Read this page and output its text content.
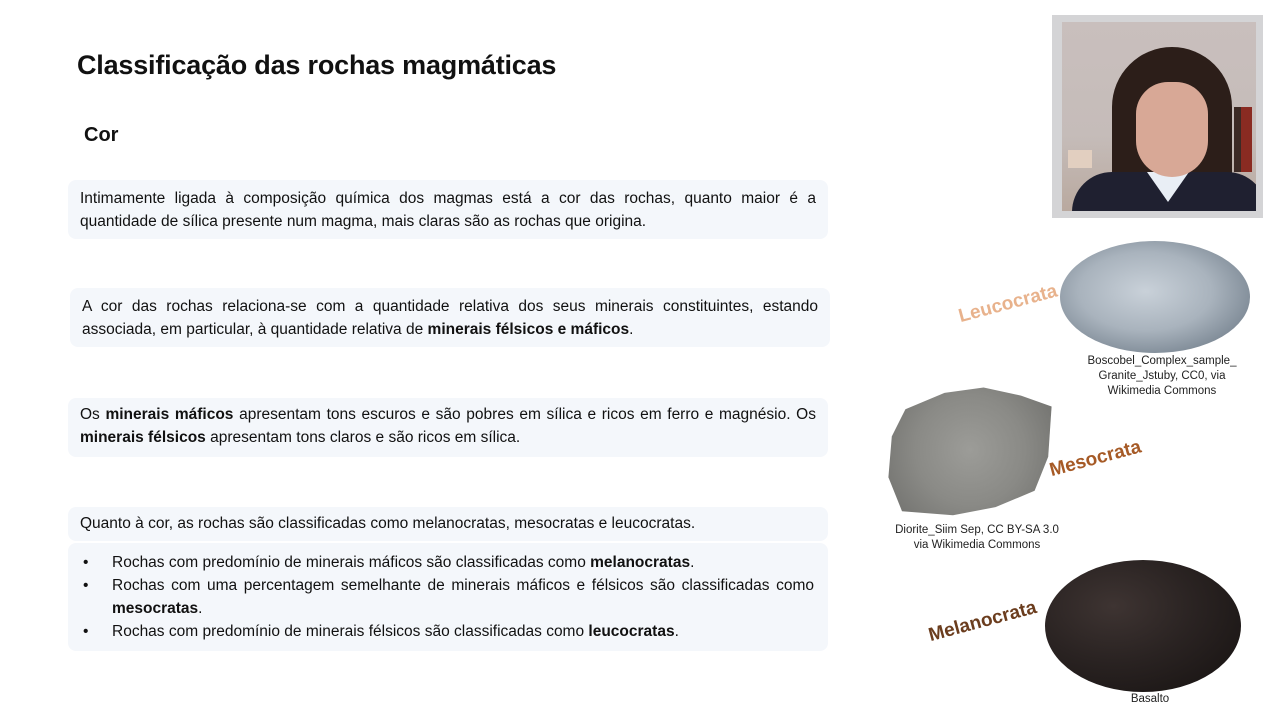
Classificação das rochas magmáticas
Cor
Intimamente ligada à composição química dos magmas está a cor das rochas, quanto maior é a quantidade de sílica presente num magma, mais claras são as rochas que origina.
A cor das rochas relaciona-se com a quantidade relativa dos seus minerais constituintes, estando associada, em particular, à quantidade relativa de minerais félsicos e máficos.
Os minerais máficos apresentam tons escuros e são pobres em sílica e ricos em ferro e magnésio. Os minerais félsicos apresentam tons claros e são ricos em sílica.
Quanto à cor, as rochas são classificadas como melanocratas, mesocratas e leucocratas.
• Rochas com predomínio de minerais máficos são classificadas como melanocratas.
• Rochas com uma percentagem semelhante de minerais máficos e félsicos são classificadas como mesocratas.
• Rochas com predomínio de minerais félsicos são classificadas como leucocratas.
Leucocrata
Boscobel_Complex_sample_
Granite_Jstuby, CC0, via
Wikimedia Commons
Mesocrata
Diorite_Siim Sep, CC BY-SA 3.0
via Wikimedia Commons
Melanocrata
Basalto
